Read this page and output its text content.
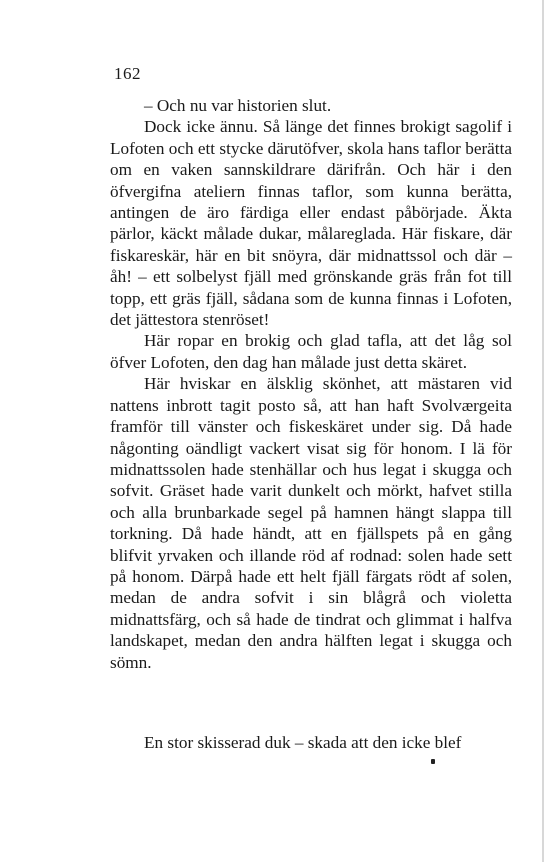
162

– Och nu var historien slut.

Dock icke ännu. Så länge det finnes brokigt sagolif i Lofoten och ett stycke därutöfver, skola hans taflor berätta om en vaken sannskildrare därifrån. Och här i den öfvergifna ateliern finnas taflor, som kunna berätta, antingen de äro färdiga eller endast påbörjade. Äkta pärlor, käckt målade dukar, målareglada. Här fiskare, där fiskareskär, här en bit snöyra, där midnattssol och där – åh! – ett solbelyst fjäll med grönskande gräs från fot till topp, ett gräs fjäll, sådana som de kunna finnas i Lofoten, det jättestora stenröset!

Här ropar en brokig och glad tafla, att det låg sol öfver Lofoten, den dag han målade just detta skäret.

Här hviskar en älsklig skönhet, att mästaren vid nattens inbrott tagit posto så, att han haft Svolværgeita framför till vänster och fiskeskäret under sig. Då hade någonting oändligt vackert visat sig för honom. I lä för midnattssolen hade stenhällar och hus legat i skugga och sofvit. Gräset hade varit dunkelt och mörkt, hafvet stilla och alla brunbarkade segel på hamnen hängt slappa till torkning. Då hade händt, att en fjällspets på en gång blifvit yrvaken och illande röd af rodnad: solen hade sett på honom. Därpå hade ett helt fjäll färgats rödt af solen, medan de andra sofvit i sin blågrå och violetta midnattsfärg, och så hade de tindrat och glimmat i halfva landskapet, medan den andra hälften legat i skugga och sömn.

En stor skisserad duk – skada att den icke blef
